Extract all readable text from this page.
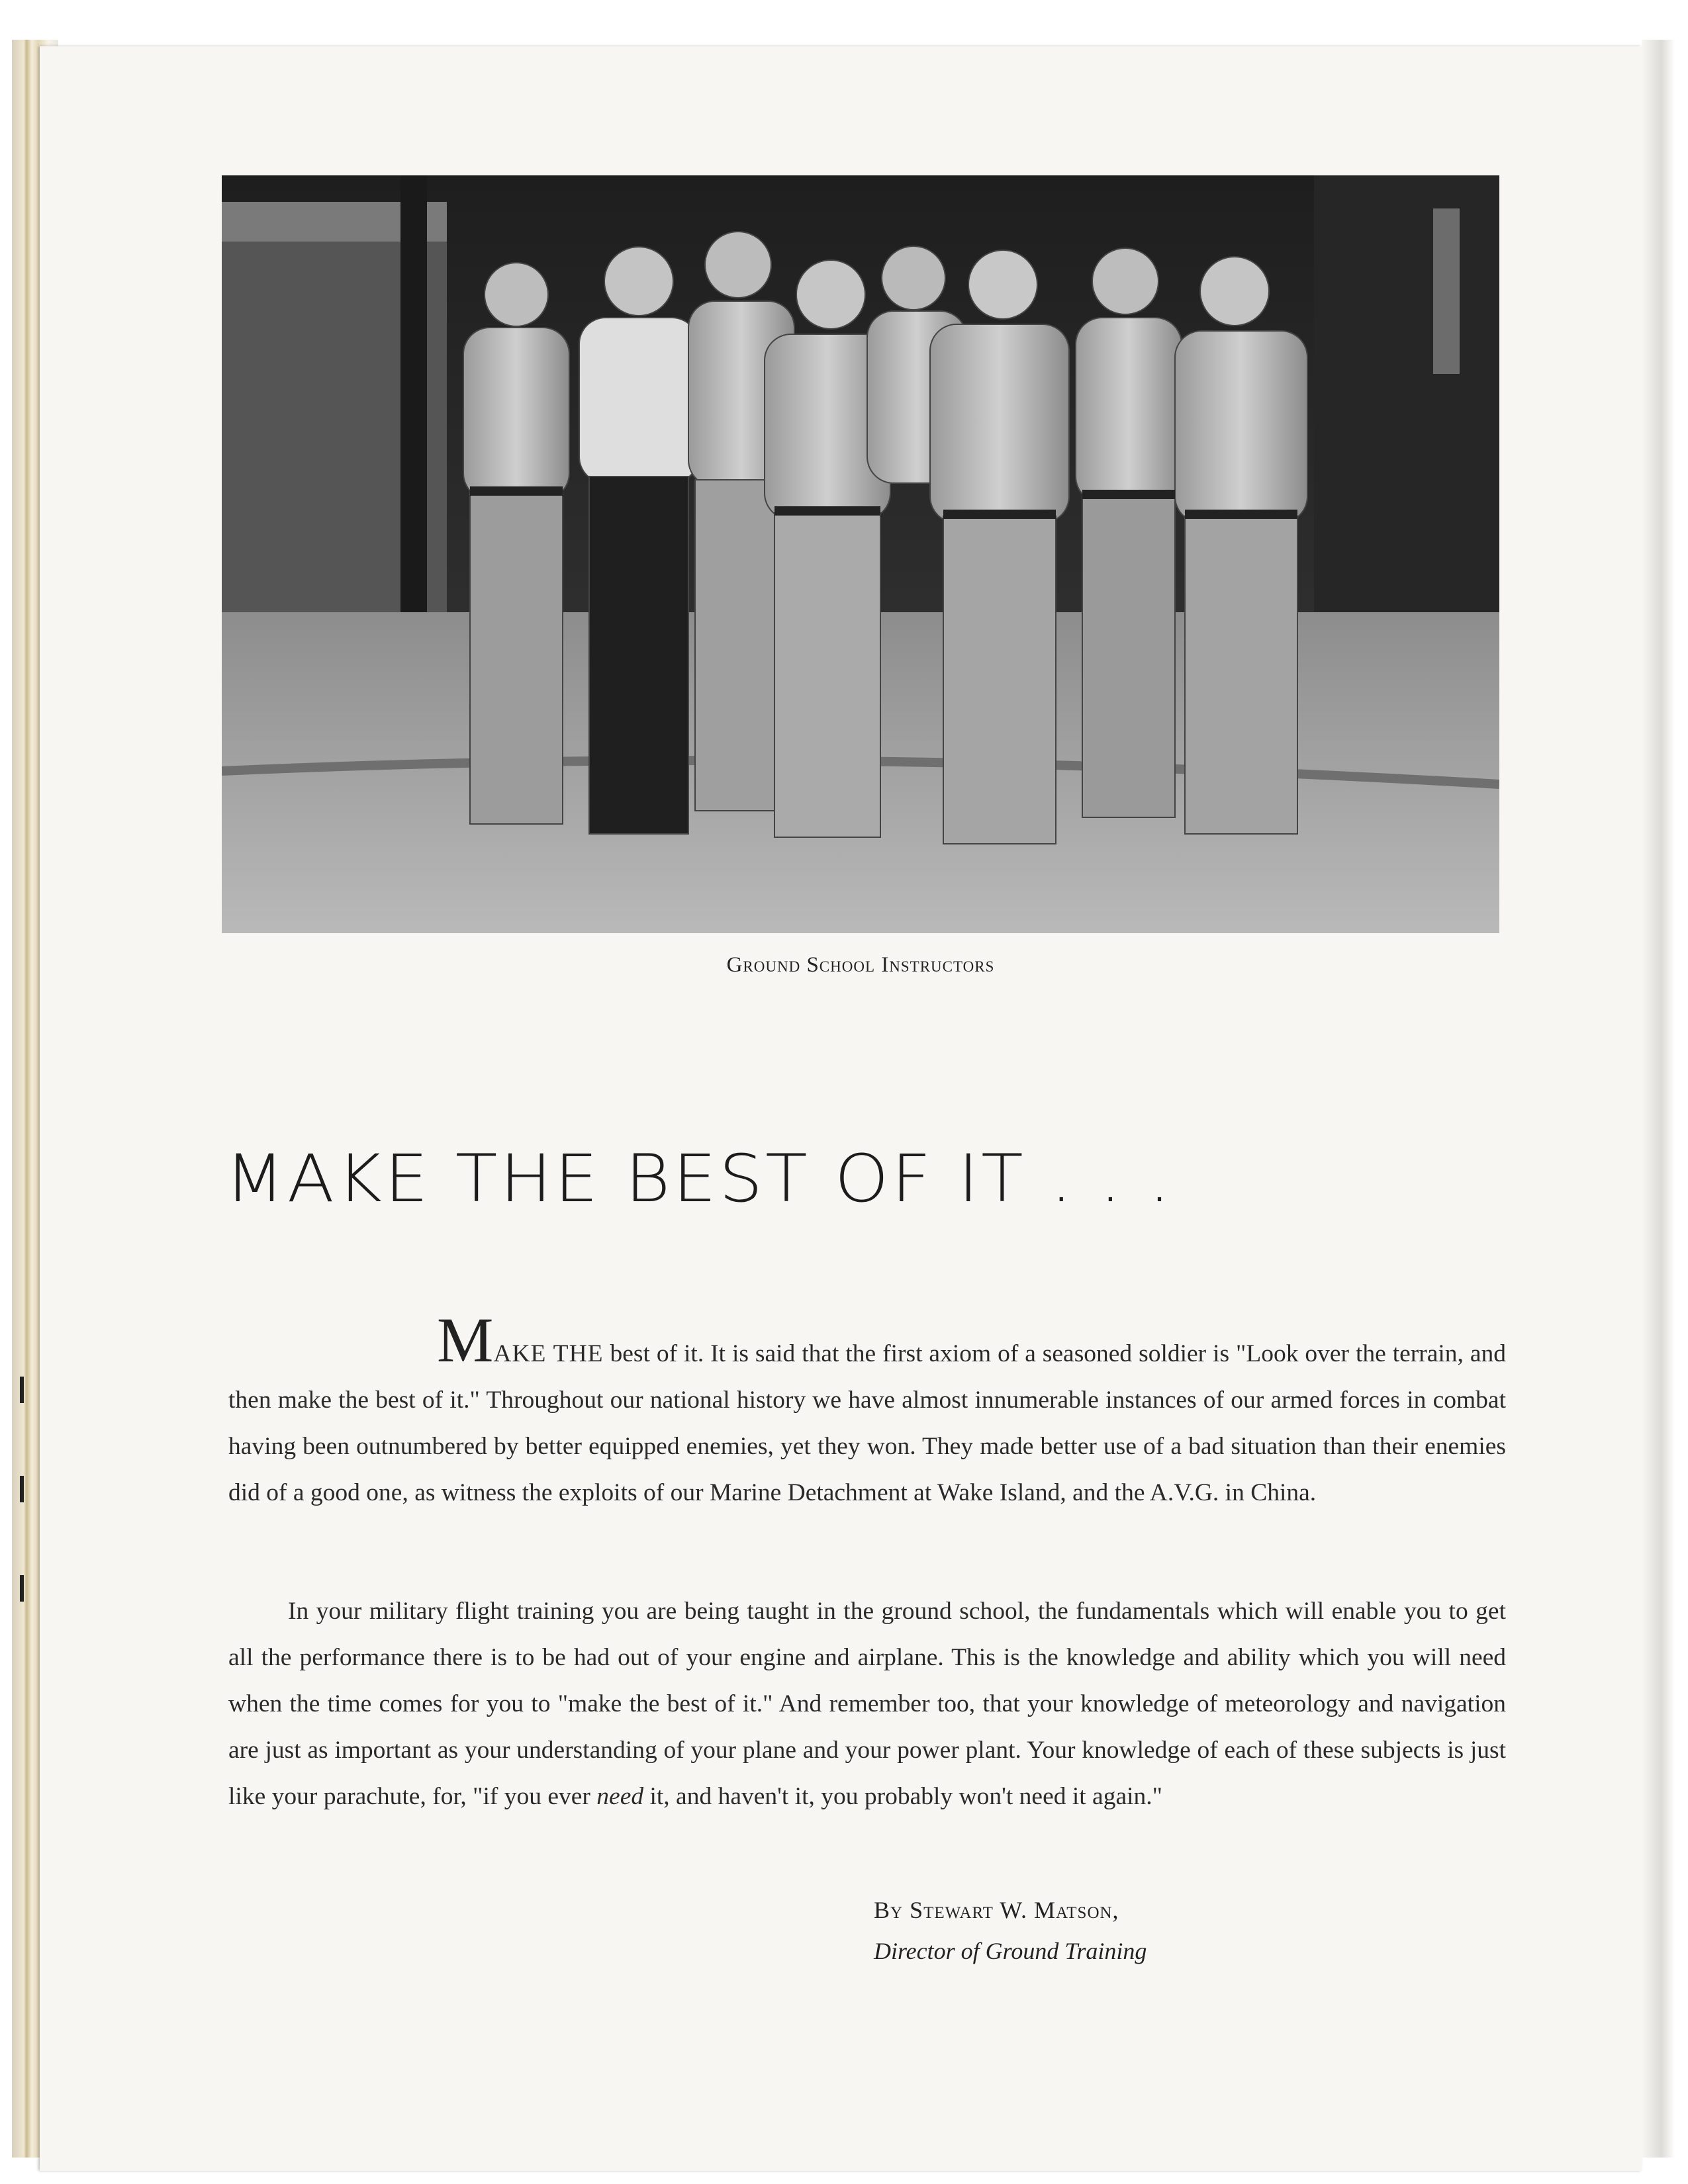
Ground School Instructors
MAKE THE BEST OF IT . . .
MAKE THE best of it. It is said that the first axiom of a seasoned soldier is "Look over the terrain, and then make the best of it." Throughout our national history we have almost innumerable instances of our armed forces in combat having been outnumbered by better equipped enemies, yet they won. They made better use of a bad situation than their enemies did of a good one, as witness the exploits of our Marine Detachment at Wake Island, and the A.V.G. in China.
In your military flight training you are being taught in the ground school, the fundamentals which will enable you to get all the performance there is to be had out of your engine and airplane. This is the knowledge and ability which you will need when the time comes for you to "make the best of it." And remember too, that your knowledge of meteorology and navigation are just as important as your understanding of your plane and your power plant. Your knowledge of each of these subjects is just like your parachute, for, "if you ever need it, and haven't it, you probably won't need it again."
By Stewart W. Matson,
Director of Ground Training
